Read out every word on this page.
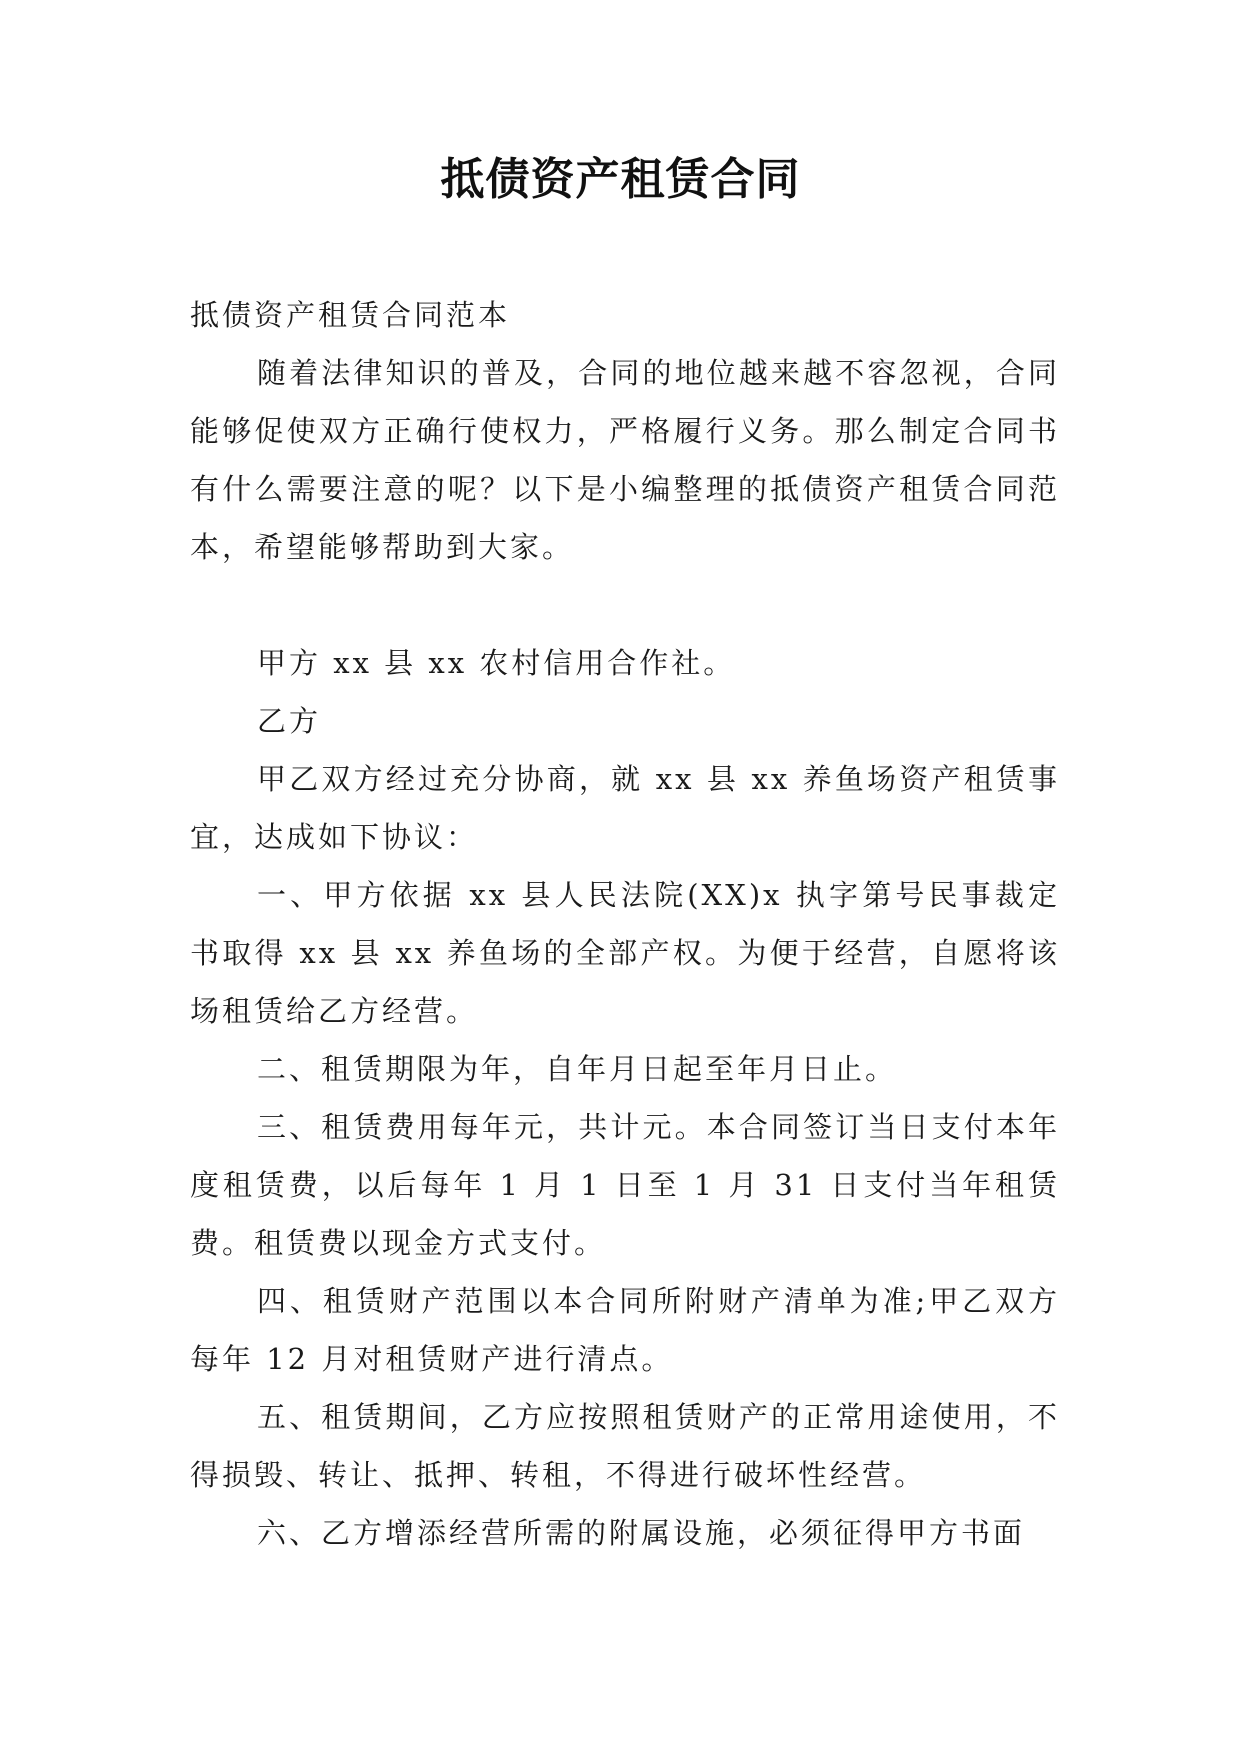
抵债资产租赁合同

抵债资产租赁合同范本

随着法律知识的普及，合同的地位越来越不容忽视，合同能够促使双方正确行使权力，严格履行义务。那么制定合同书有什么需要注意的呢？以下是小编整理的抵债资产租赁合同范本，希望能够帮助到大家。

甲方 xx 县 xx 农村信用合作社。

乙方

甲乙双方经过充分协商，就 xx 县 xx 养鱼场资产租赁事宜，达成如下协议：

一、甲方依据 xx 县人民法院(XX)x 执字第号民事裁定书取得 xx 县 xx 养鱼场的全部产权。为便于经营，自愿将该场租赁给乙方经营。

二、租赁期限为年，自年月日起至年月日止。

三、租赁费用每年元，共计元。本合同签订当日支付本年度租赁费，以后每年 1 月 1 日至 1 月 31 日支付当年租赁费。租赁费以现金方式支付。

四、租赁财产范围以本合同所附财产清单为准;甲乙双方每年 12 月对租赁财产进行清点。

五、租赁期间，乙方应按照租赁财产的正常用途使用，不得损毁、转让、抵押、转租，不得进行破坏性经营。

六、乙方增添经营所需的附属设施，必须征得甲方书面
